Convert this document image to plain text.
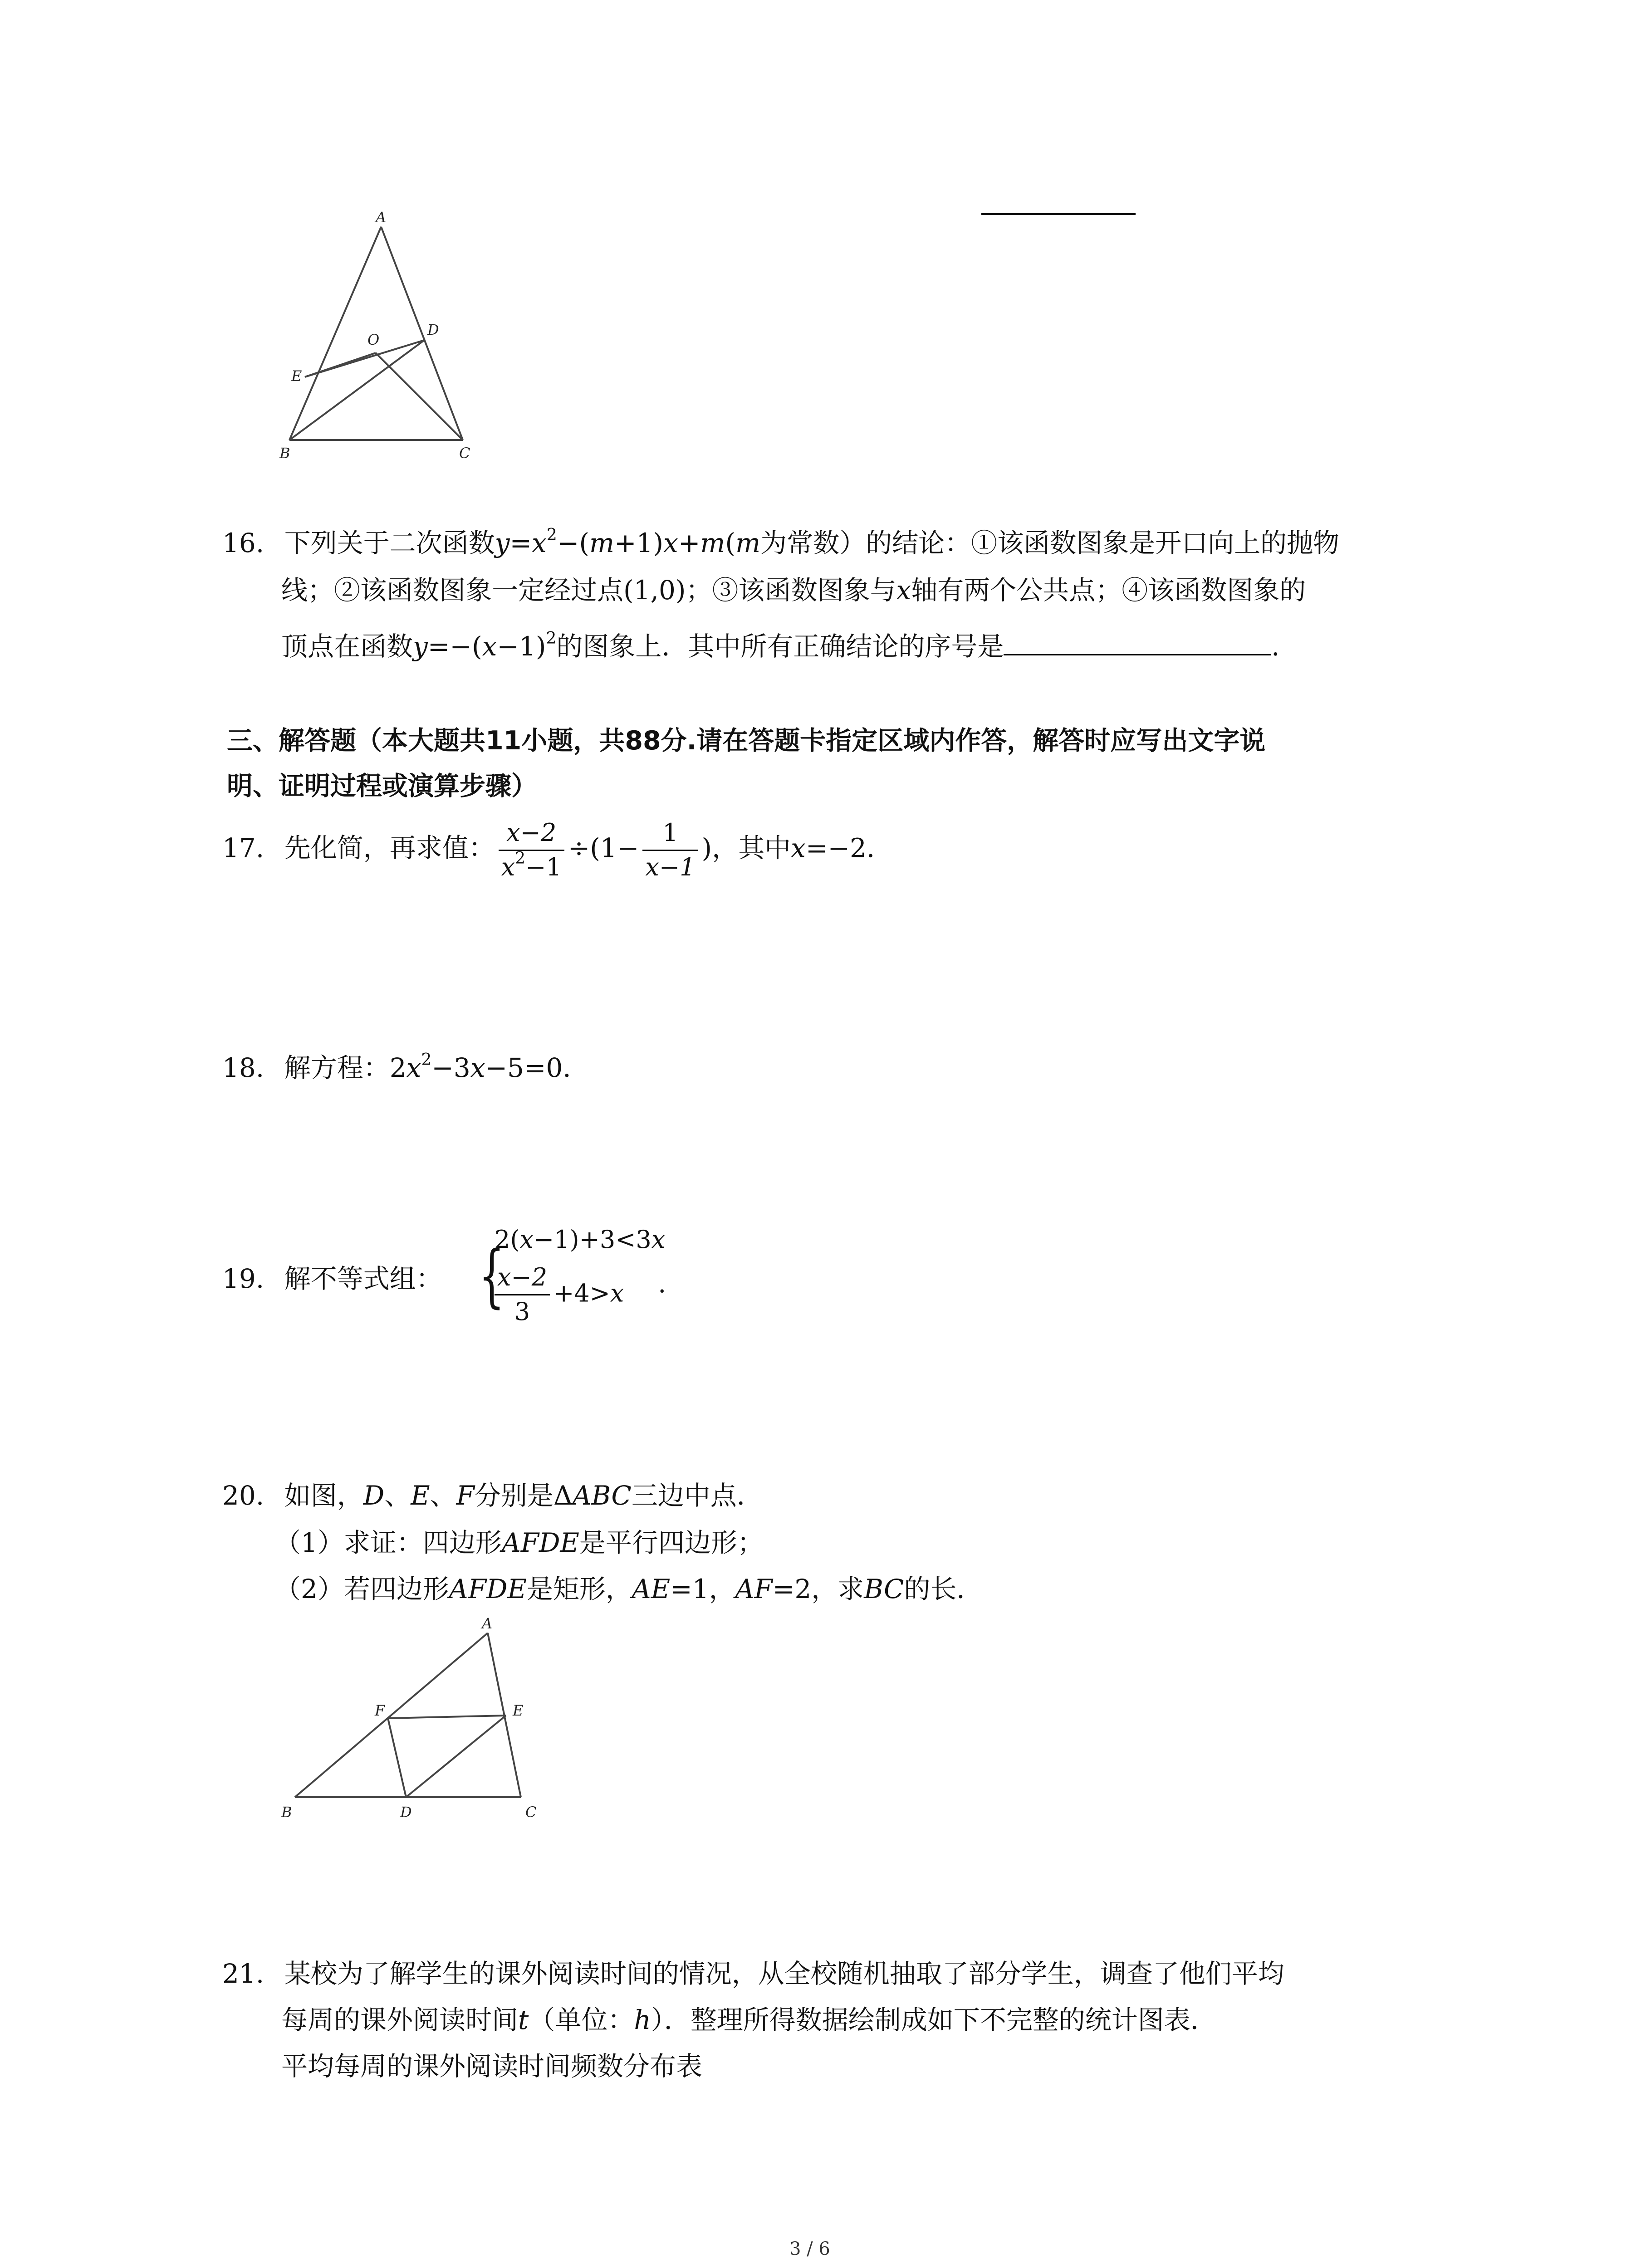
A
B	C
D
E
O
16. 下列关于二次函数$y=x^2-(m+1)x+m(m$为常数）的结论：①该函数图象是开口向上的抛物
线；②该函数图象一定经过点(1,0)；③该函数图象与x轴有两个公共点；④该函数图象的
顶点在函数$y=-(x-1)^2$的图象上．其中所有正确结论的序号是	．
三、解答题（本大题共11小题，共88分.请在答题卡指定区域内作答，解答时应写出文字说
明、证明过程或演算步骤）
17. 先化简，再求值： $\frac{x-2}{x^2-1} \div(1- \frac{1}{x-1}$ )，其中x=−2．
18. 解方程：$2x^2-3x-5=0$．
19. 解不等式组： {
2(x−1)+3<3x
$\frac{x-2}{3} +4>x$ .
20. 如图，D、E、F分别是ΔABC三边中点．
（1）求证：四边形AFDE是平行四边形；
（2）若四边形AFDE是矩形，AE=1，AF=2，求BC的长．
A
B	C
D
E
F
21. 某校为了解学生的课外阅读时间的情况，从全校随机抽取了部分学生，调查了他们平均
每周的课外阅读时间t（单位：h）．整理所得数据绘制成如下不完整的统计图表．
平均每周的课外阅读时间频数分布表
3 / 6
